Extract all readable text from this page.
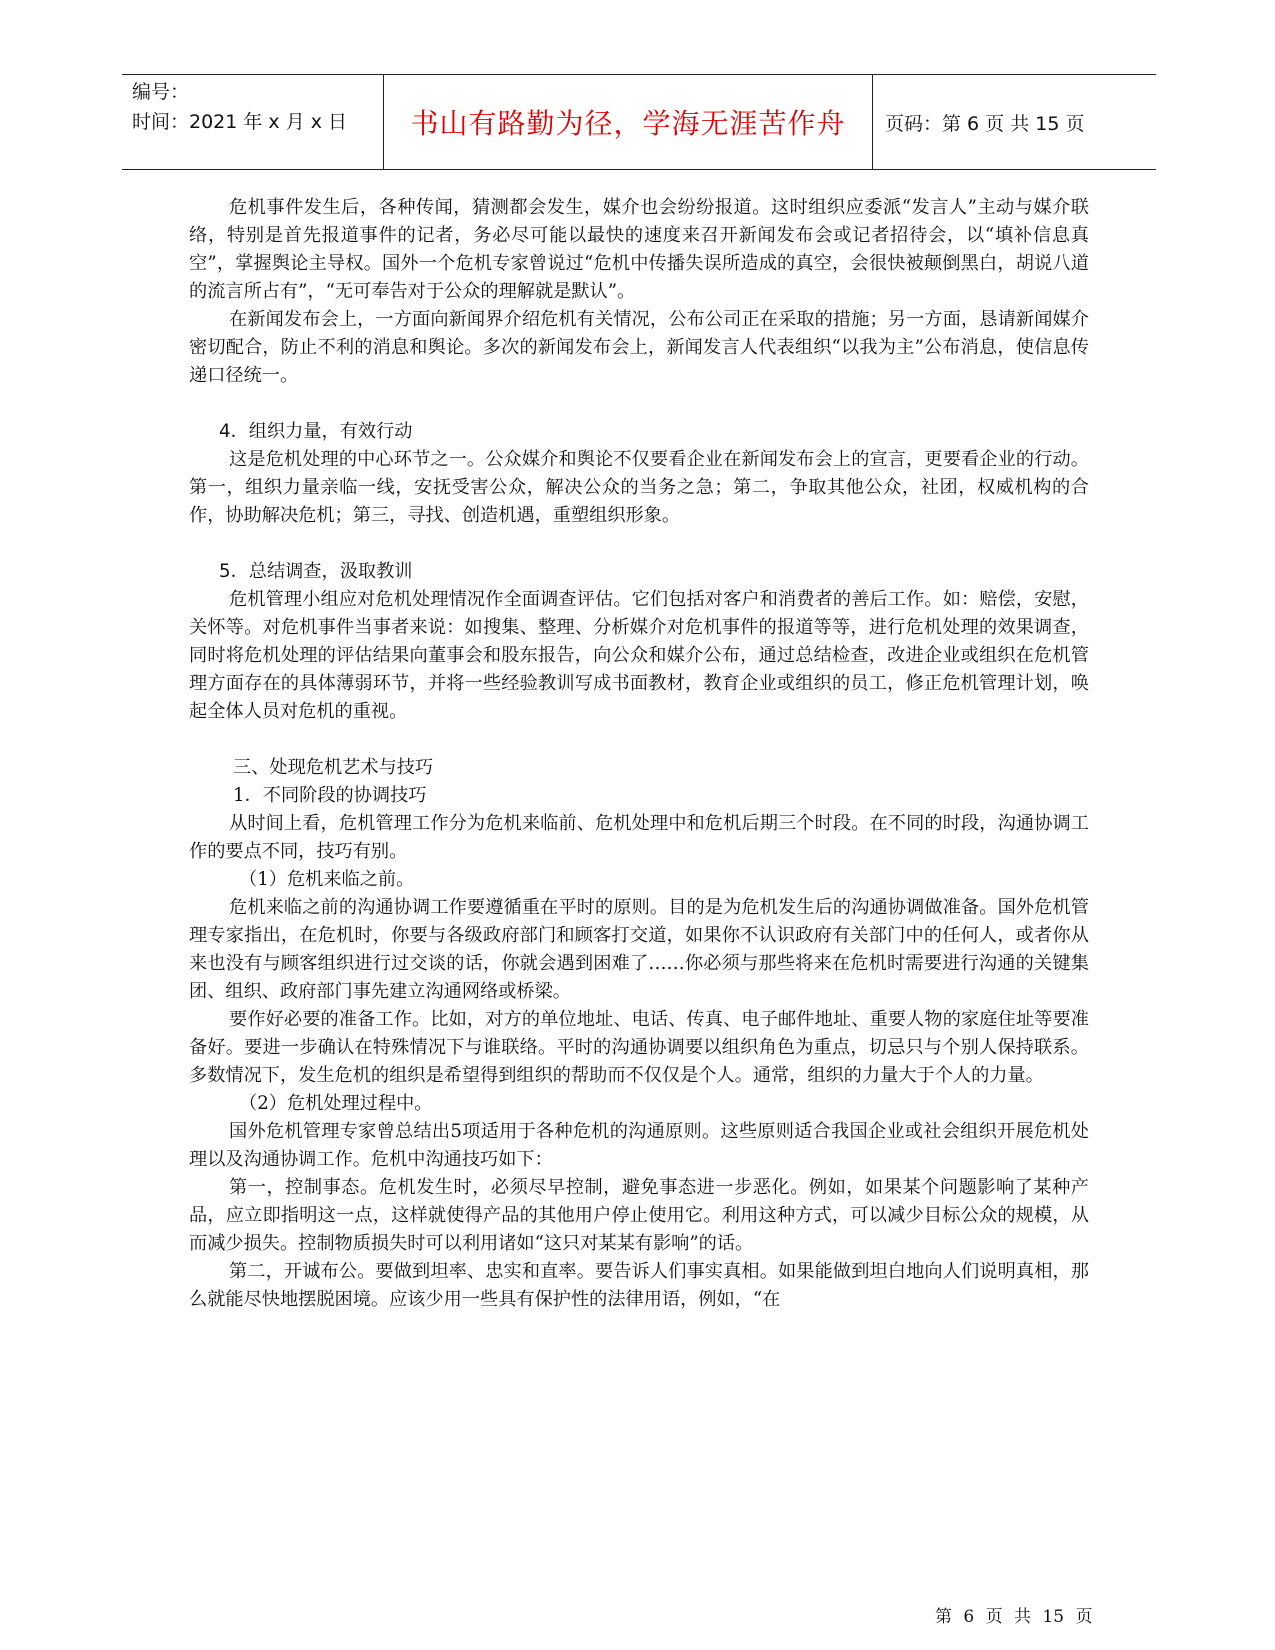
编号：
时间：2021 年 x 月 x 日	书山有路勤为径，学海无涯苦作舟	页码：第 6 页 共 15 页

危机事件发生后，各种传闻，猜测都会发生，媒介也会纷纷报道。这时组织应委派“发言人”主动与媒介联络，特别是首先报道事件的记者，务必尽可能以最快的速度来召开新闻发布会或记者招待会，以“填补信息真空”，掌握舆论主导权。国外一个危机专家曾说过“危机中传播失误所造成的真空，会很快被颠倒黑白，胡说八道的流言所占有”，“无可奉告对于公众的理解就是默认”。

在新闻发布会上，一方面向新闻界介绍危机有关情况，公布公司正在采取的措施；另一方面，恳请新闻媒介密切配合，防止不利的消息和舆论。多次的新闻发布会上，新闻发言人代表组织“以我为主”公布消息，使信息传递口径统一。

4．组织力量，有效行动

这是危机处理的中心环节之一。公众媒介和舆论不仅要看企业在新闻发布会上的宣言，更要看企业的行动。第一，组织力量亲临一线，安抚受害公众，解决公众的当务之急；第二，争取其他公众，社团，权威机构的合作，协助解决危机；第三，寻找、创造机遇，重塑组织形象。

5．总结调查，汲取教训

危机管理小组应对危机处理情况作全面调查评估。它们包括对客户和消费者的善后工作。如：赔偿，安慰，关怀等。对危机事件当事者来说：如搜集、整理、分析媒介对危机事件的报道等等，进行危机处理的效果调查，同时将危机处理的评估结果向董事会和股东报告，向公众和媒介公布，通过总结检查，改进企业或组织在危机管理方面存在的具体薄弱环节，并将一些经验教训写成书面教材，教育企业或组织的员工，修正危机管理计划，唤起全体人员对危机的重视。

三、处现危机艺术与技巧

1．不同阶段的协调技巧

从时间上看，危机管理工作分为危机来临前、危机处理中和危机后期三个时段。在不同的时段，沟通协调工作的要点不同，技巧有别。

（1）危机来临之前。

危机来临之前的沟通协调工作要遵循重在平时的原则。目的是为危机发生后的沟通协调做准备。国外危机管理专家指出，在危机时，你要与各级政府部门和顾客打交道，如果你不认识政府有关部门中的任何人，或者你从来也没有与顾客组织进行过交谈的话，你就会遇到困难了……你必须与那些将来在危机时需要进行沟通的关键集团、组织、政府部门事先建立沟通网络或桥梁。

要作好必要的准备工作。比如，对方的单位地址、电话、传真、电子邮件地址、重要人物的家庭住址等要准备好。要进一步确认在特殊情况下与谁联络。平时的沟通协调要以组织角色为重点，切忌只与个别人保持联系。多数情况下，发生危机的组织是希望得到组织的帮助而不仅仅是个人。通常，组织的力量大于个人的力量。

（2）危机处理过程中。

国外危机管理专家曾总结出5项适用于各种危机的沟通原则。这些原则适合我国企业或社会组织开展危机处理以及沟通协调工作。危机中沟通技巧如下：

第一，控制事态。危机发生时，必须尽早控制，避免事态进一步恶化。例如，如果某个问题影响了某种产品，应立即指明这一点，这样就使得产品的其他用户停止使用它。利用这种方式，可以减少目标公众的规模，从而减少损失。控制物质损失时可以利用诸如“这只对某某有影响”的话。

第二，开诚布公。要做到坦率、忠实和直率。要告诉人们事实真相。如果能做到坦白地向人们说明真相，那么就能尽快地摆脱困境。应该少用一些具有保护性的法律用语，例如，“在

第 6 页 共 15 页
